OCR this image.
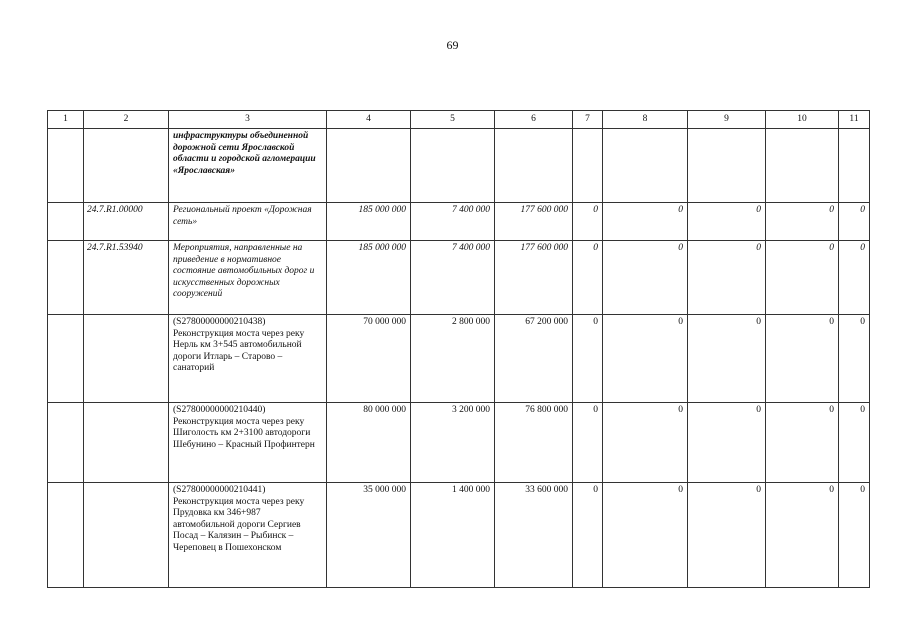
69
1	2	3	4	5	6	7	8	9	10	11
		инфраструктуры объединенной дорожной сети Ярославской области и городской агломерации «Ярославская»								
	24.7.R1.00000	Региональный проект «Дорожная сеть»	185 000 000	7 400 000	177 600 000	0	0	0	0	0
	24.7.R1.53940	Мероприятия, направленные на приведение в нормативное состояние автомобильных дорог и искусственных дорожных сооружений	185 000 000	7 400 000	177 600 000	0	0	0	0	0
		(S27800000000210438) Реконструкция моста через реку Нерль км 3+545 автомобильной дороги Итларь – Старово – санаторий	70 000 000	2 800 000	67 200 000	0	0	0	0	0
		(S27800000000210440) Реконструкция моста через реку Шиголость км 2+3100 автодороги Шебунино – Красный Профинтерн	80 000 000	3 200 000	76 800 000	0	0	0	0	0
		(S27800000000210441) Реконструкция моста через реку Прудовка км 346+987 автомобильной дороги Сергиев Посад – Калязин – Рыбинск – Череповец в Пошехонском	35 000 000	1 400 000	33 600 000	0	0	0	0	0
